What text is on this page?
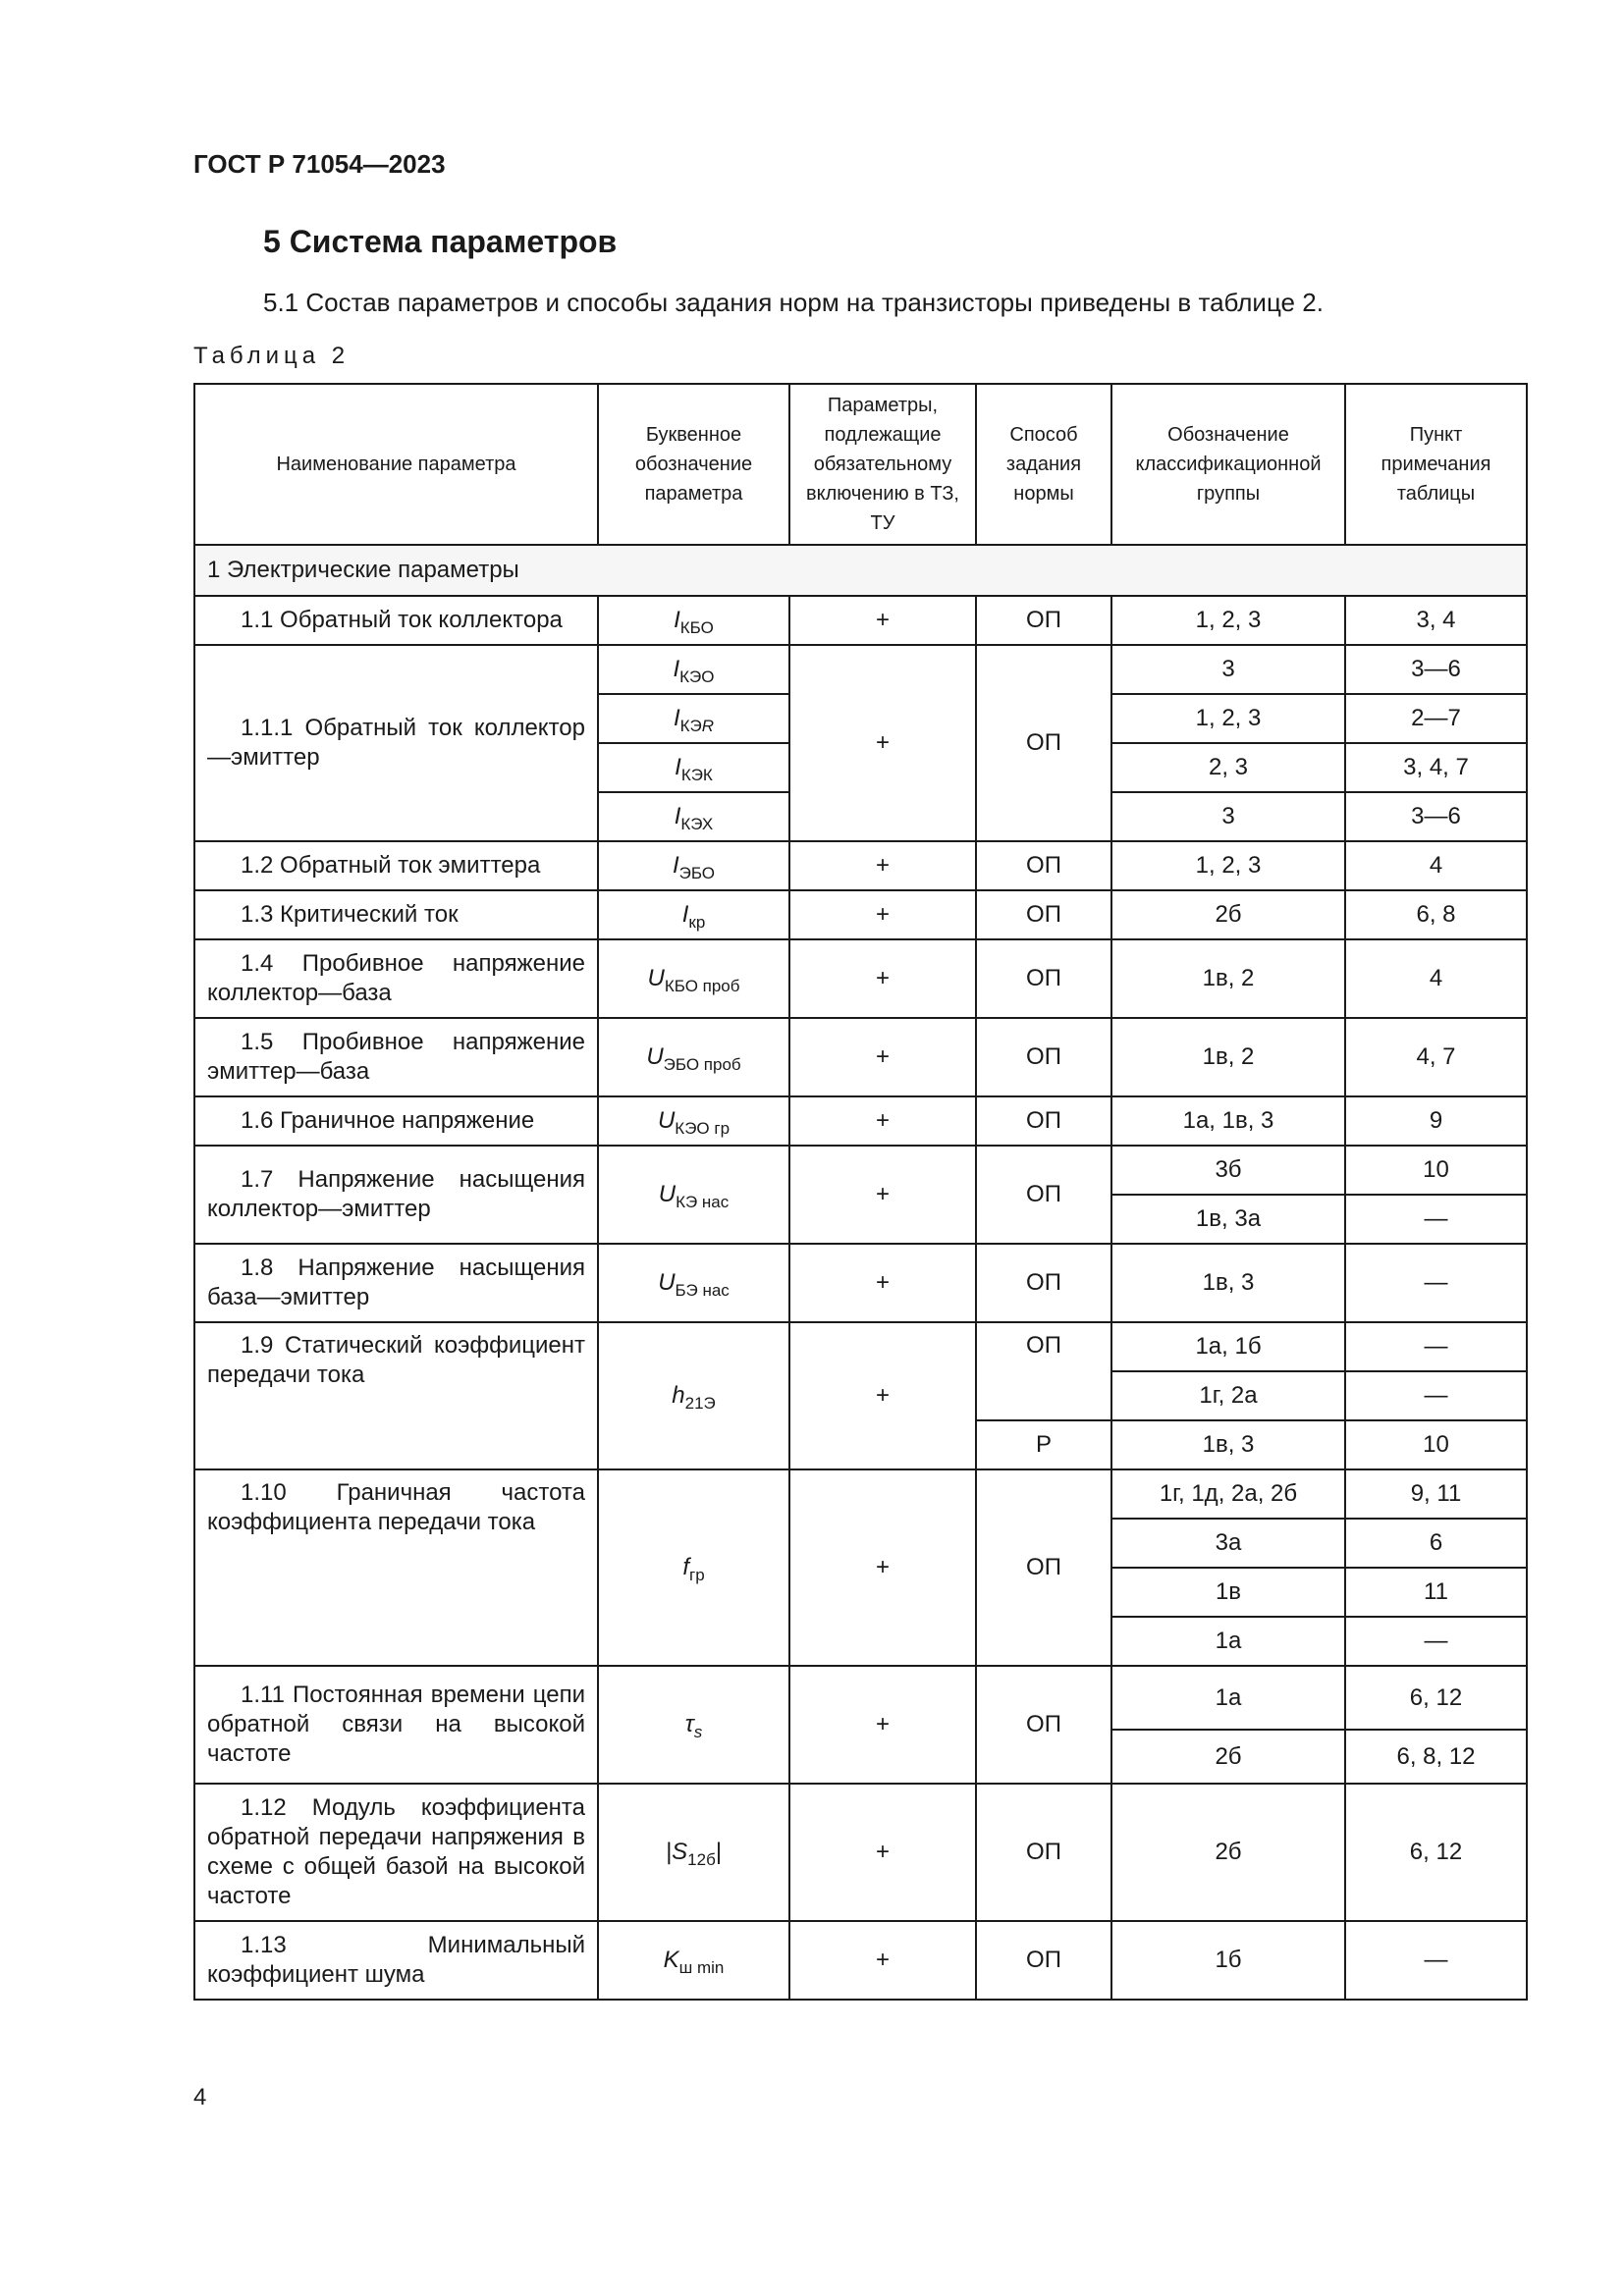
ГОСТ Р 71054—2023
5 Система параметров
5.1 Состав параметров и способы задания норм на транзисторы приведены в таблице 2.
Таблица 2
Наименование параметра	Буквенное обозначение параметра	Параметры, подлежащие обязательному включению в ТЗ, ТУ	Способ задания нормы	Обозначение классификационной группы	Пункт примечания таблицы
1 Электрические параметры					
1.1 Обратный ток коллектора	$I_{КБО}$	+	ОП	1, 2, 3	3, 4
1.1.1 Обратный ток коллектор—эмиттер	$I_{КЭО}$	+	ОП	3	3—6
	$I_{КЭR}$			1, 2, 3	2—7
	$I_{КЭК}$			2, 3	3, 4, 7
	$I_{КЭХ}$			3	3—6
1.2 Обратный ток эмиттера	$I_{ЭБО}$	+	ОП	1, 2, 3	4
1.3 Критический ток	$I_{кр}$	+	ОП	2б	6, 8
1.4 Пробивное напряжение коллектор—база	$U_{КБО проб}$	+	ОП	1в, 2	4
1.5 Пробивное напряжение эмиттер—база	$U_{ЭБО проб}$	+	ОП	1в, 2	4, 7
1.6 Граничное напряжение	$U_{КЭО гр}$	+	ОП	1а, 1в, 3	9
1.7 Напряжение насыщения коллектор—эмиттер	$U_{КЭ нас}$	+	ОП	3б	10
				1в, 3а	—
1.8 Напряжение насыщения база—эмиттер	$U_{БЭ нас}$	+	ОП	1в, 3	—
1.9 Статический коэффициент передачи тока	$h_{21Э}$	+	ОП	1а, 1б	—
				1г, 2а	—
			Р	1в, 3	10
1.10 Граничная частота коэффициента передачи тока	$f_{гр}$	+	ОП	1г, 1д, 2а, 2б	9, 11
				3а	6
				1в	11
				1а	—
1.11 Постоянная времени цепи обратной связи на высокой частоте	$\tau_s$	+	ОП	1а	6, 12
				2б	6, 8, 12
1.12 Модуль коэффициента обратной передачи напряжения в схеме с общей базой на высокой частоте	$|S_{12б}|$	+	ОП	2б	6, 12
1.13 Минимальный коэффициент шума	$K_{ш min}$	+	ОП	1б	—
4
